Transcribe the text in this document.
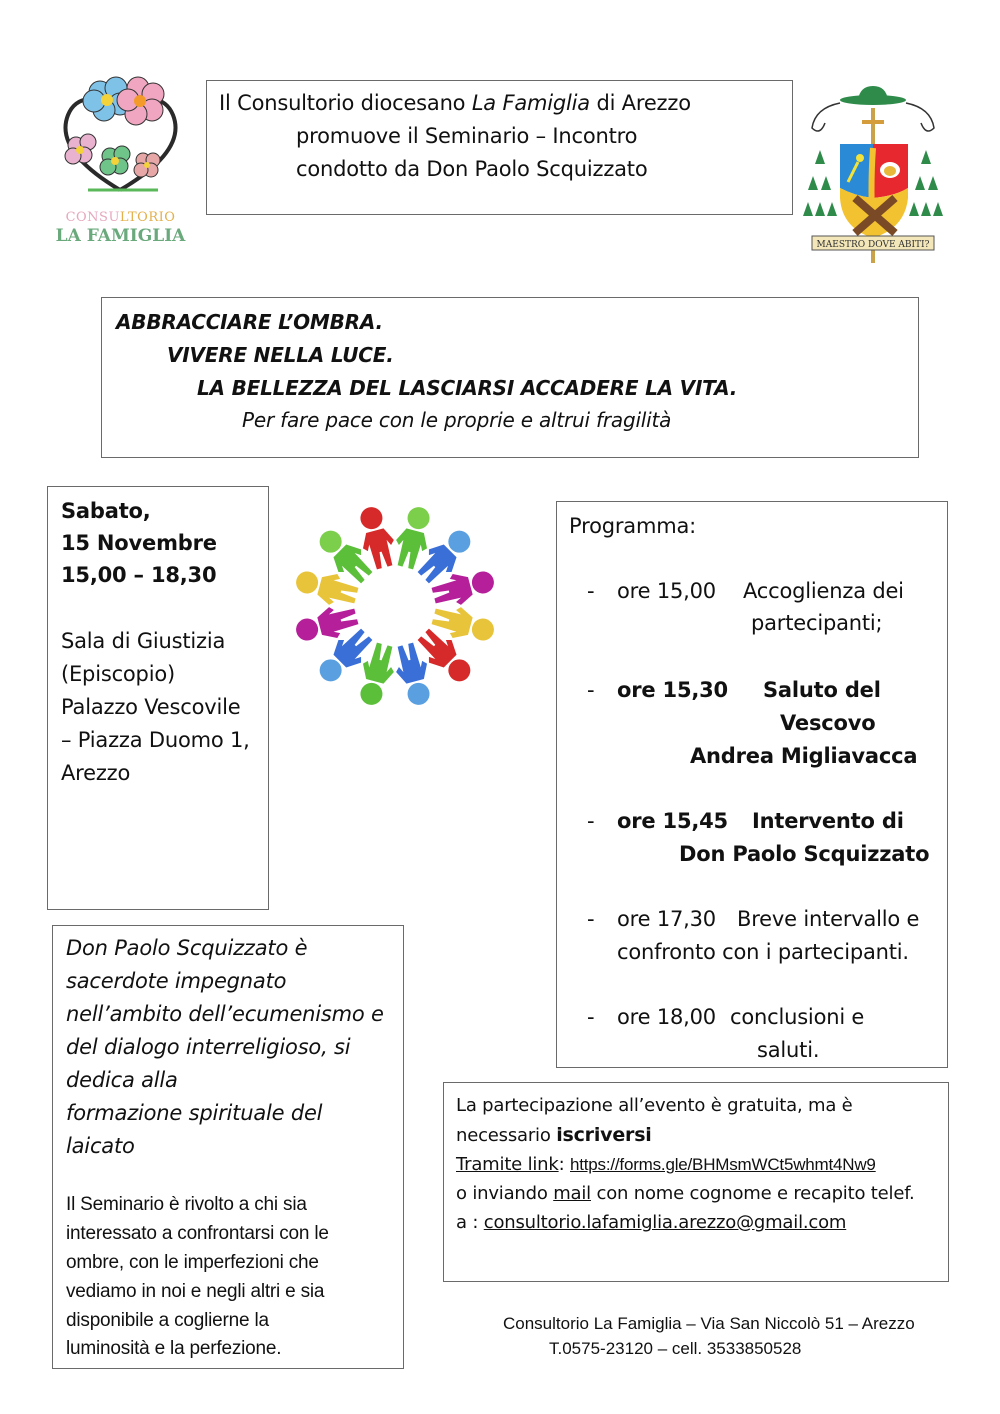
CONSULTORIO
LA FAMIGLIA
Il Consultorio diocesano La Famiglia di Arezzo
promuove il Seminario – Incontro
condotto da Don Paolo Scquizzato
MAESTRO DOVE ABITI?
ABBRACCIARE L’OMBRA.
VIVERE NELLA LUCE.
LA BELLEZZA DEL LASCIARSI ACCADERE LA VITA.
Per fare pace con le proprie e altrui fragilità
Sabato,
15 Novembre
15,00 – 18,30
Sala di Giustizia
(Episcopio)
Palazzo Vescovile
– Piazza Duomo 1,
Arezzo
Programma:
- ore 15,00 Accoglienza dei
partecipanti;
- ore 15,30 Saluto del
Vescovo
Andrea Migliavacca
- ore 15,45 Intervento di
Don Paolo Scquizzato
- ore 17,30 Breve intervallo e
confronto con i partecipanti.
- ore 18,00 conclusioni e
saluti.
Don Paolo Scquizzato è
sacerdote impegnato
nell’ambito dell’ecumenismo e
del dialogo interreligioso, si
dedica alla
formazione spirituale del
laicato
Il Seminario è rivolto a chi sia
interessato a confrontarsi con le
ombre, con le imperfezioni che
vediamo in noi e negli altri e sia
disponibile a coglierne la
luminosità e la perfezione.
La partecipazione all’evento è gratuita, ma è
necessario iscriversi
Tramite link: https://forms.gle/BHMsmWCt5whmt4Nw9
o inviando mail con nome cognome e recapito telef.
a : consultorio.lafamiglia.arezzo@gmail.com
Consultorio La Famiglia – Via San Niccolò 51 – Arezzo
T.0575-23120 – cell. 3533850528
